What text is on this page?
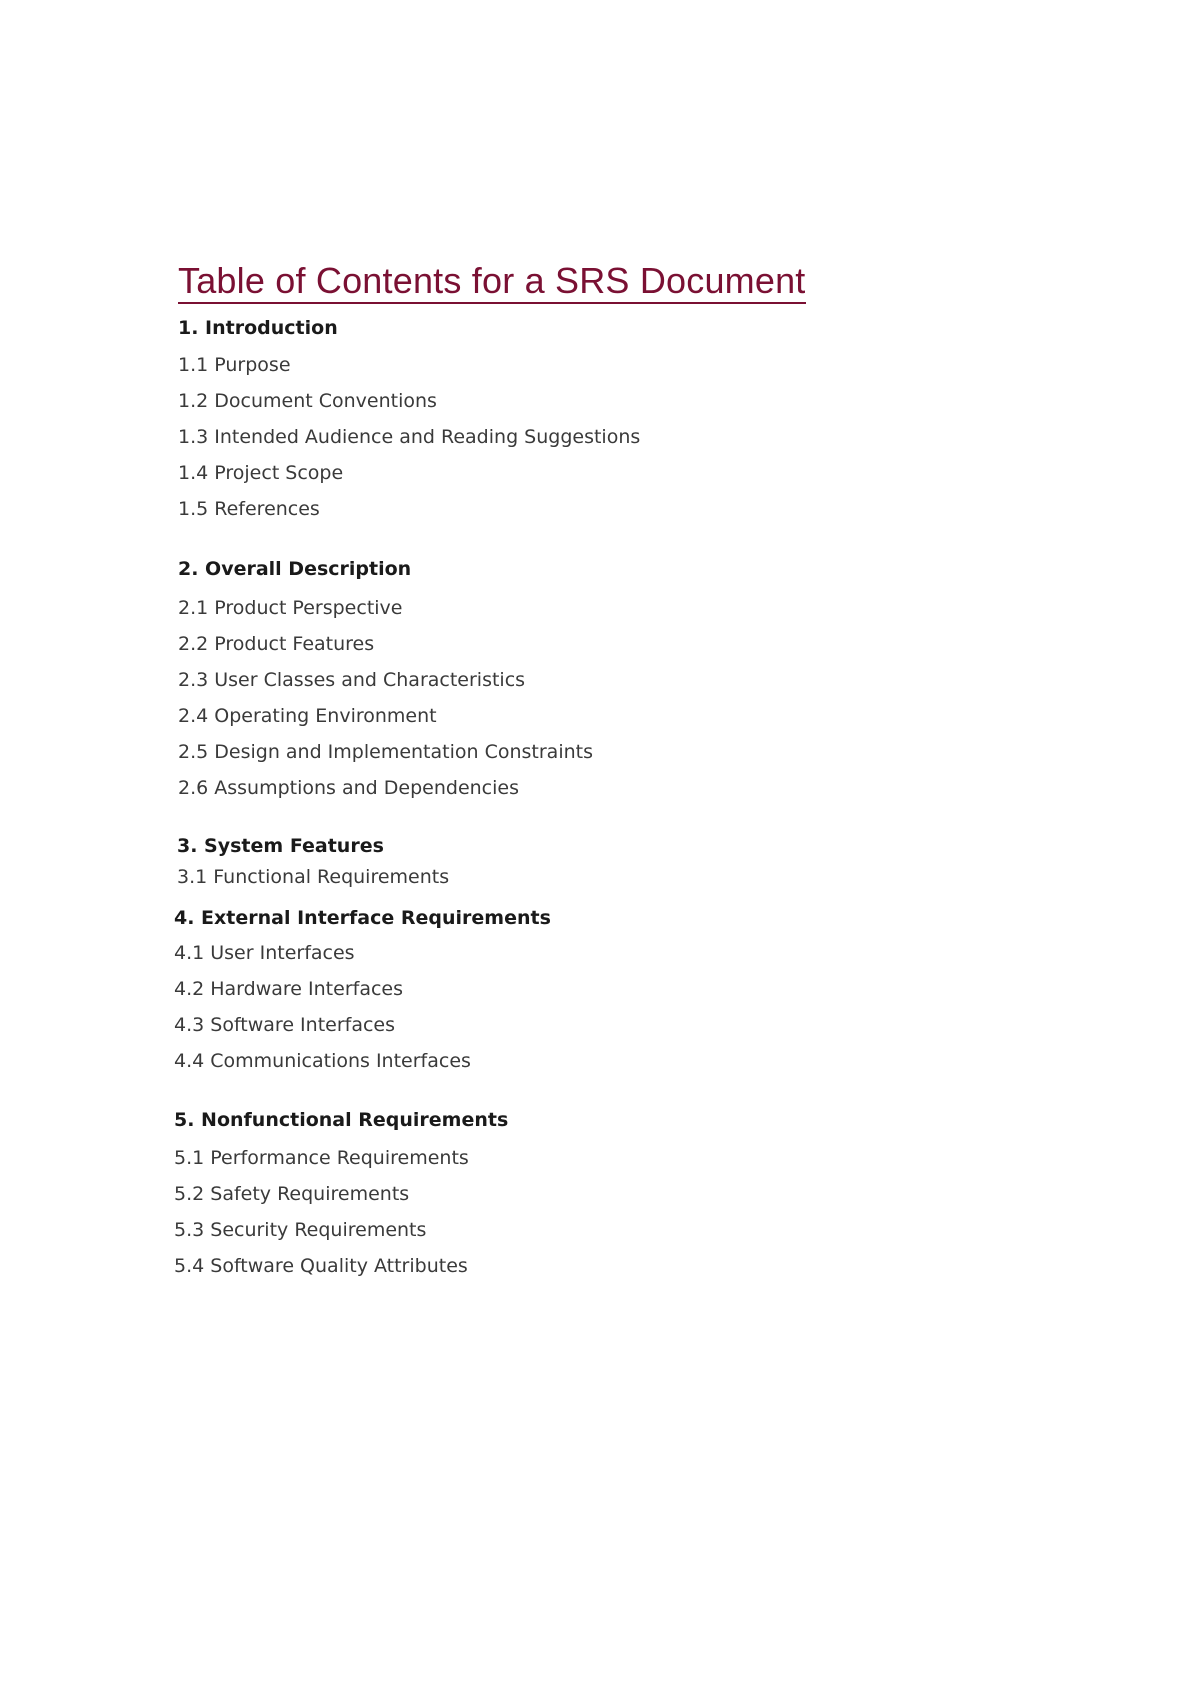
Table of Contents for a SRS Document

1. Introduction

1.1 Purpose

1.2 Document Conventions

1.3 Intended Audience and Reading Suggestions

1.4 Project Scope

1.5 References

2. Overall Description

2.1 Product Perspective

2.2 Product Features

2.3 User Classes and Characteristics

2.4 Operating Environment

2.5 Design and Implementation Constraints

2.6 Assumptions and Dependencies

3. System Features

3.1 Functional Requirements

4. External Interface Requirements

4.1 User Interfaces

4.2 Hardware Interfaces

4.3 Software Interfaces

4.4 Communications Interfaces

5. Nonfunctional Requirements

5.1 Performance Requirements

5.2 Safety Requirements

5.3 Security Requirements

5.4 Software Quality Attributes
